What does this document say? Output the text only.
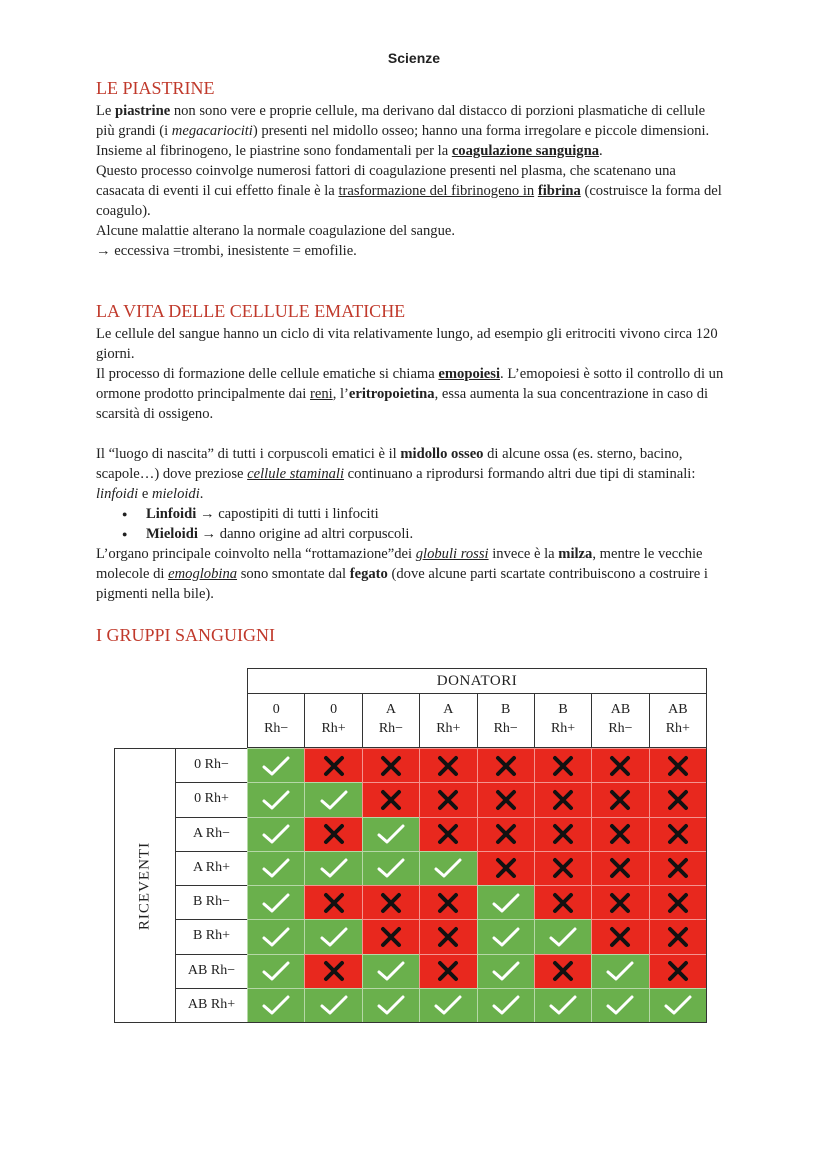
Scienze
LE PIASTRINE

Le piastrine non sono vere e proprie cellule, ma derivano dal distacco di porzioni plasmatiche di cellule più grandi (i megacariociti) presenti nel midollo osseo; hanno una forma irregolare e piccole dimensioni.

Insieme al fibrinogeno, le piastrine sono fondamentali per la coagulazione sanguigna.

Questo processo coinvolge numerosi fattori di coagulazione presenti nel plasma, che scatenano una casacata di eventi il cui effetto finale è la trasformazione del fibrinogeno in fibrina (costruisce la forma del coagulo).

Alcune malattie alterano la normale coagulazione del sangue.

→ eccessiva =trombi, inesistente = emofilie.

LA VITA DELLE CELLULE EMATICHE

Le cellule del sangue hanno un ciclo di vita relativamente lungo, ad esempio gli eritrociti vivono circa 120 giorni.

Il processo di formazione delle cellule ematiche si chiama emopoiesi. L’emopoiesi è sotto il controllo di un ormone prodotto principalmente dai reni, l’eritropoietina, essa aumenta la sua concentrazione in caso di scarsità di ossigeno.

Il “luogo di nascita” di tutti i corpuscoli ematici è il midollo osseo di alcune ossa (es. sterno, bacino, scapole…) dove preziose cellule staminali continuano a riprodursi formando altri due tipi di staminali: linfoidi e mieloidi.

● Linfoidi → capostipiti di tutti i linfociti
● Mieloidi → danno origine ad altri corpuscoli.

L’organo principale coinvolto nella “rottamazione”dei globuli rossi invece è la milza, mentre le vecchie molecole di emoglobina sono smontate dal fegato (dove alcune parti scartate contribuiscono a costruire i pigmenti nella bile).

I GRUPPI SANGUIGNI
DONATORI
0
Rh−
0
Rh+
A
Rh−
A
Rh+
B
Rh−
B
Rh+
AB
Rh−
AB
Rh+
RICEVENTI
0 Rh−
0 Rh+
A Rh−
A Rh+
B Rh−
B Rh+
AB Rh−
AB Rh+
